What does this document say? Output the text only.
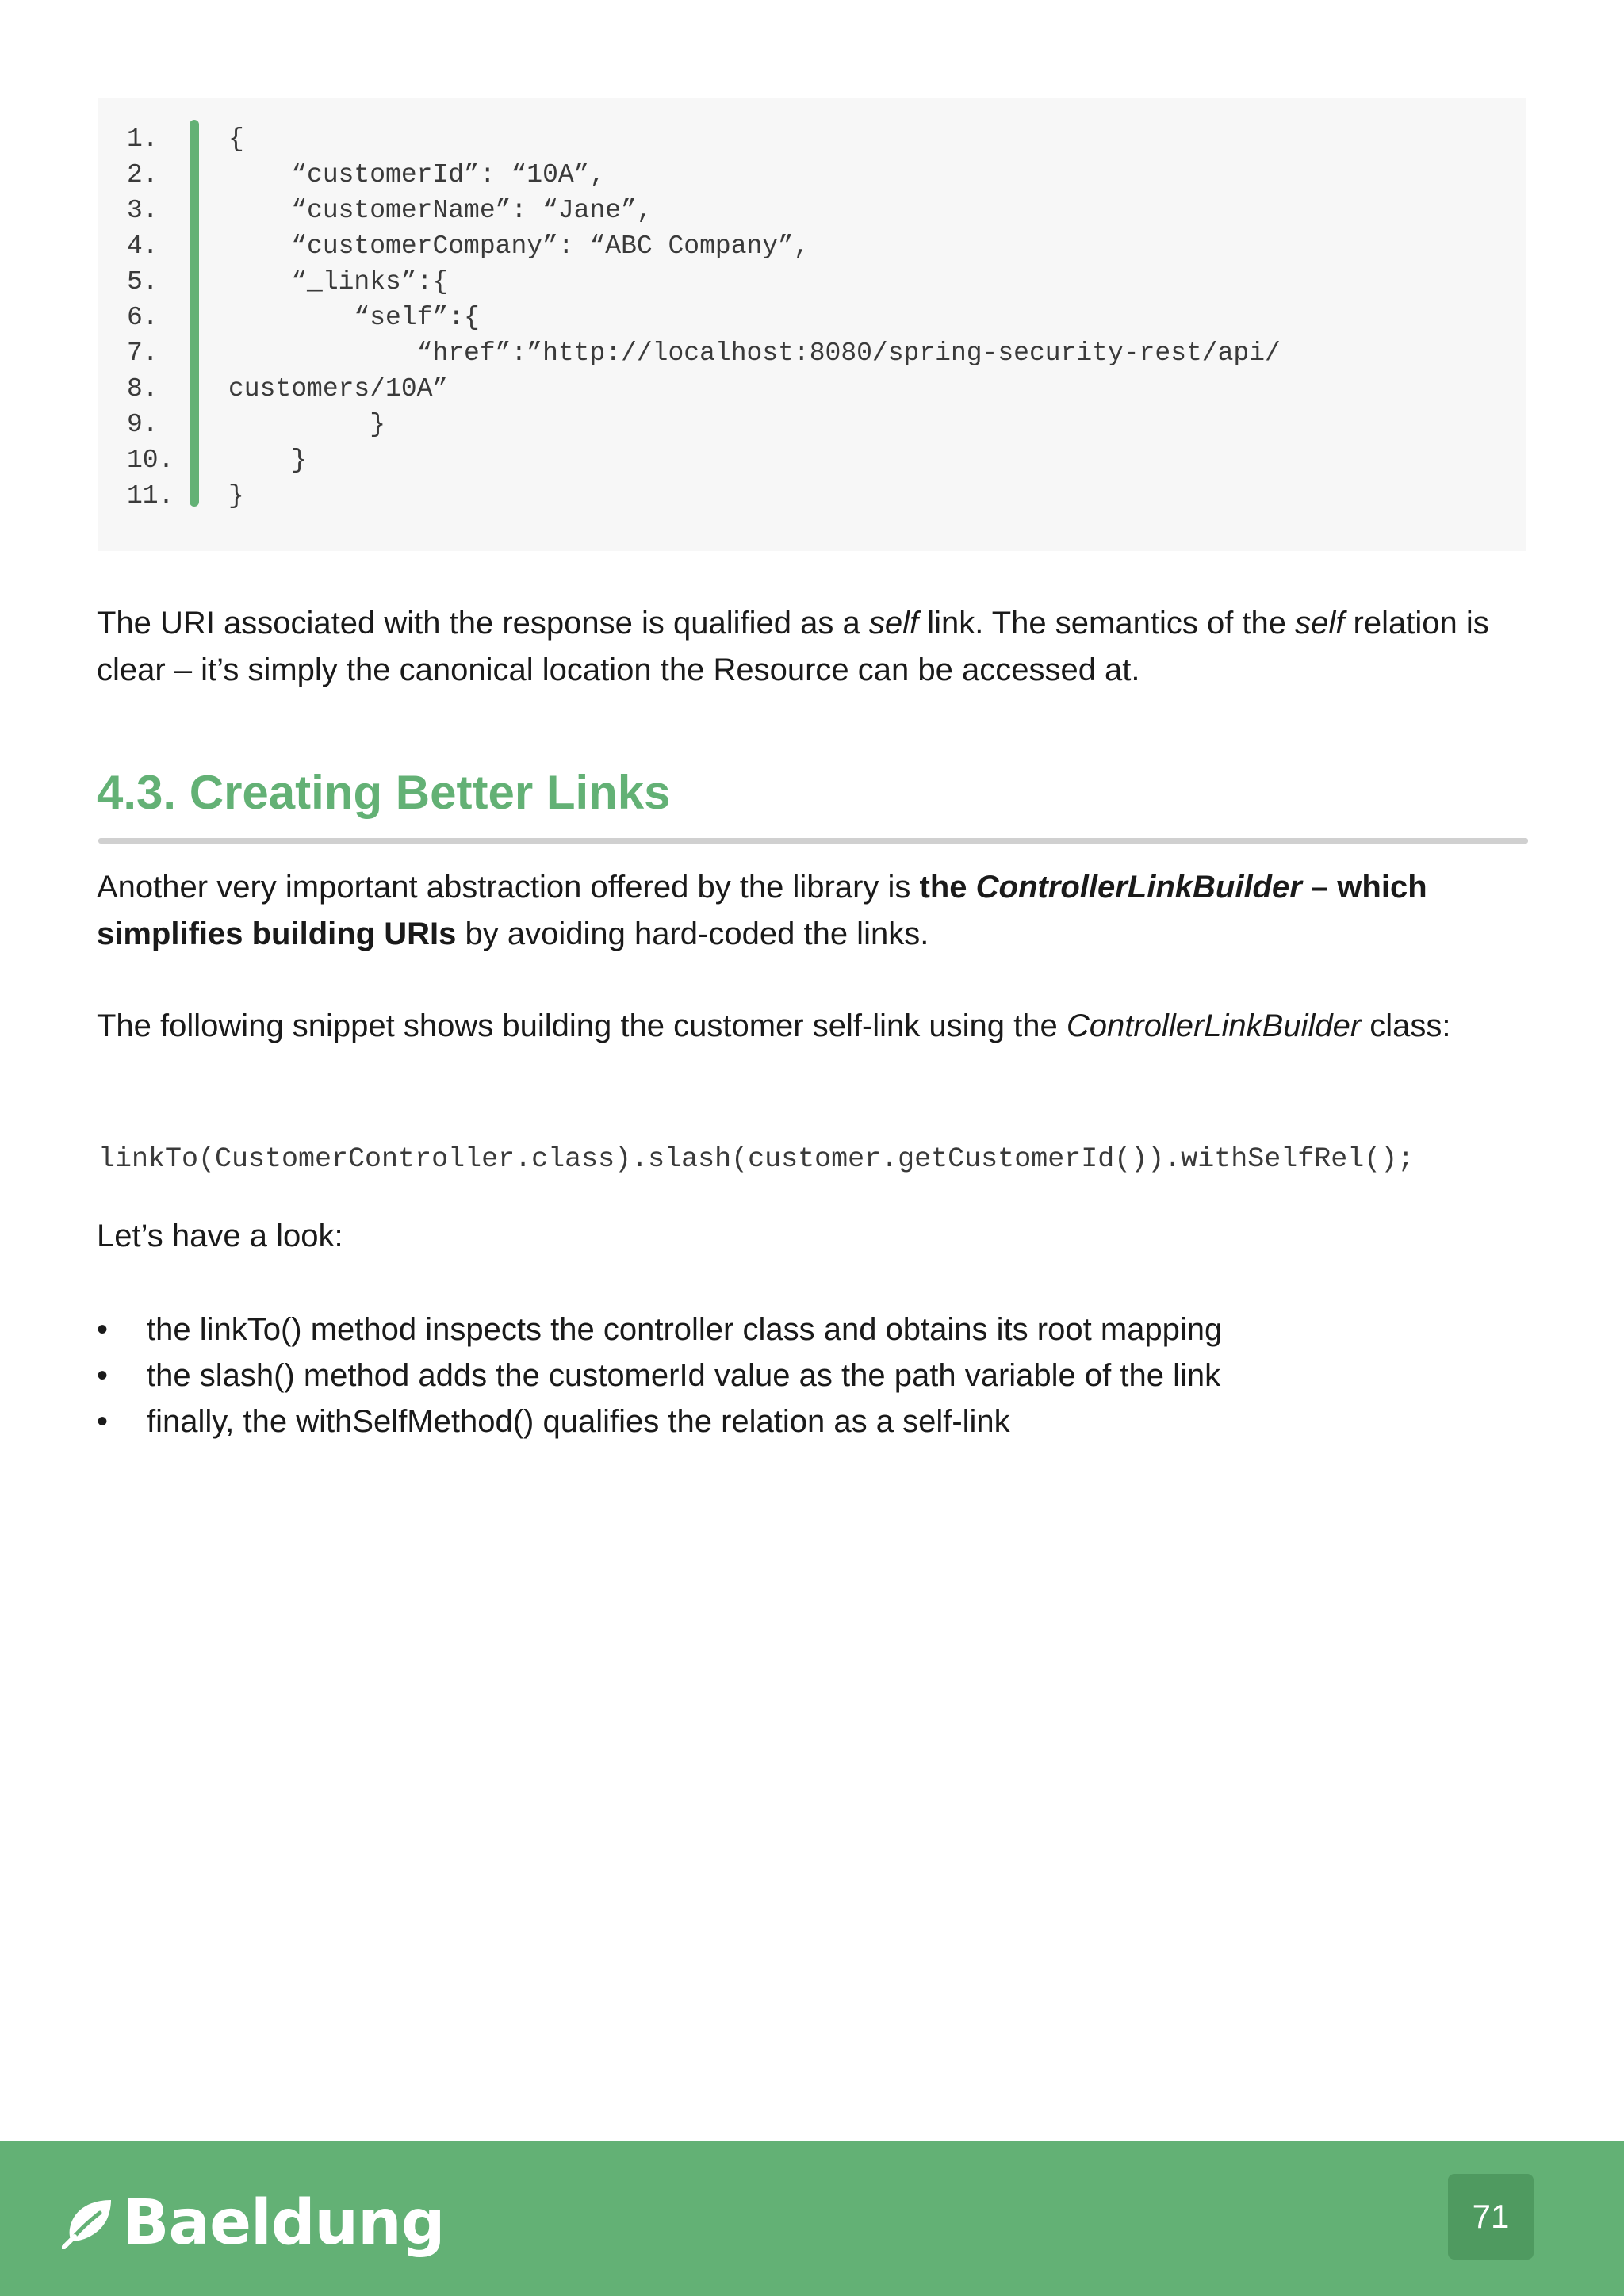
1.
2.
3.
4.
5.
6.
7.
8.
9.
10.
11.
{
“customerId”: “10A”,
“customerName”: “Jane”,
“customerCompany”: “ABC Company”,
“_links”:{
“self”:{
“href”:”http://localhost:8080/spring-security-rest/api/
customers/10A”
}
}
}

The URI associated with the response is qualified as a self link. The semantics of the self relation is clear – it’s simply the canonical location the Resource can be accessed at.

4.3. Creating Better Links

Another very important abstraction offered by the library is the ControllerLinkBuilder – which simplifies building URIs by avoiding hard-coded the links.

The following snippet shows building the customer self-link using the ControllerLinkBuilder class:

linkTo(CustomerController.class).slash(customer.getCustomerId()).withSelfRel();

Let’s have a look:

• the linkTo() method inspects the controller class and obtains its root mapping
• the slash() method adds the customerId value as the path variable of the link
• finally, the withSelfMethod() qualifies the relation as a self-link
Baeldung	71
